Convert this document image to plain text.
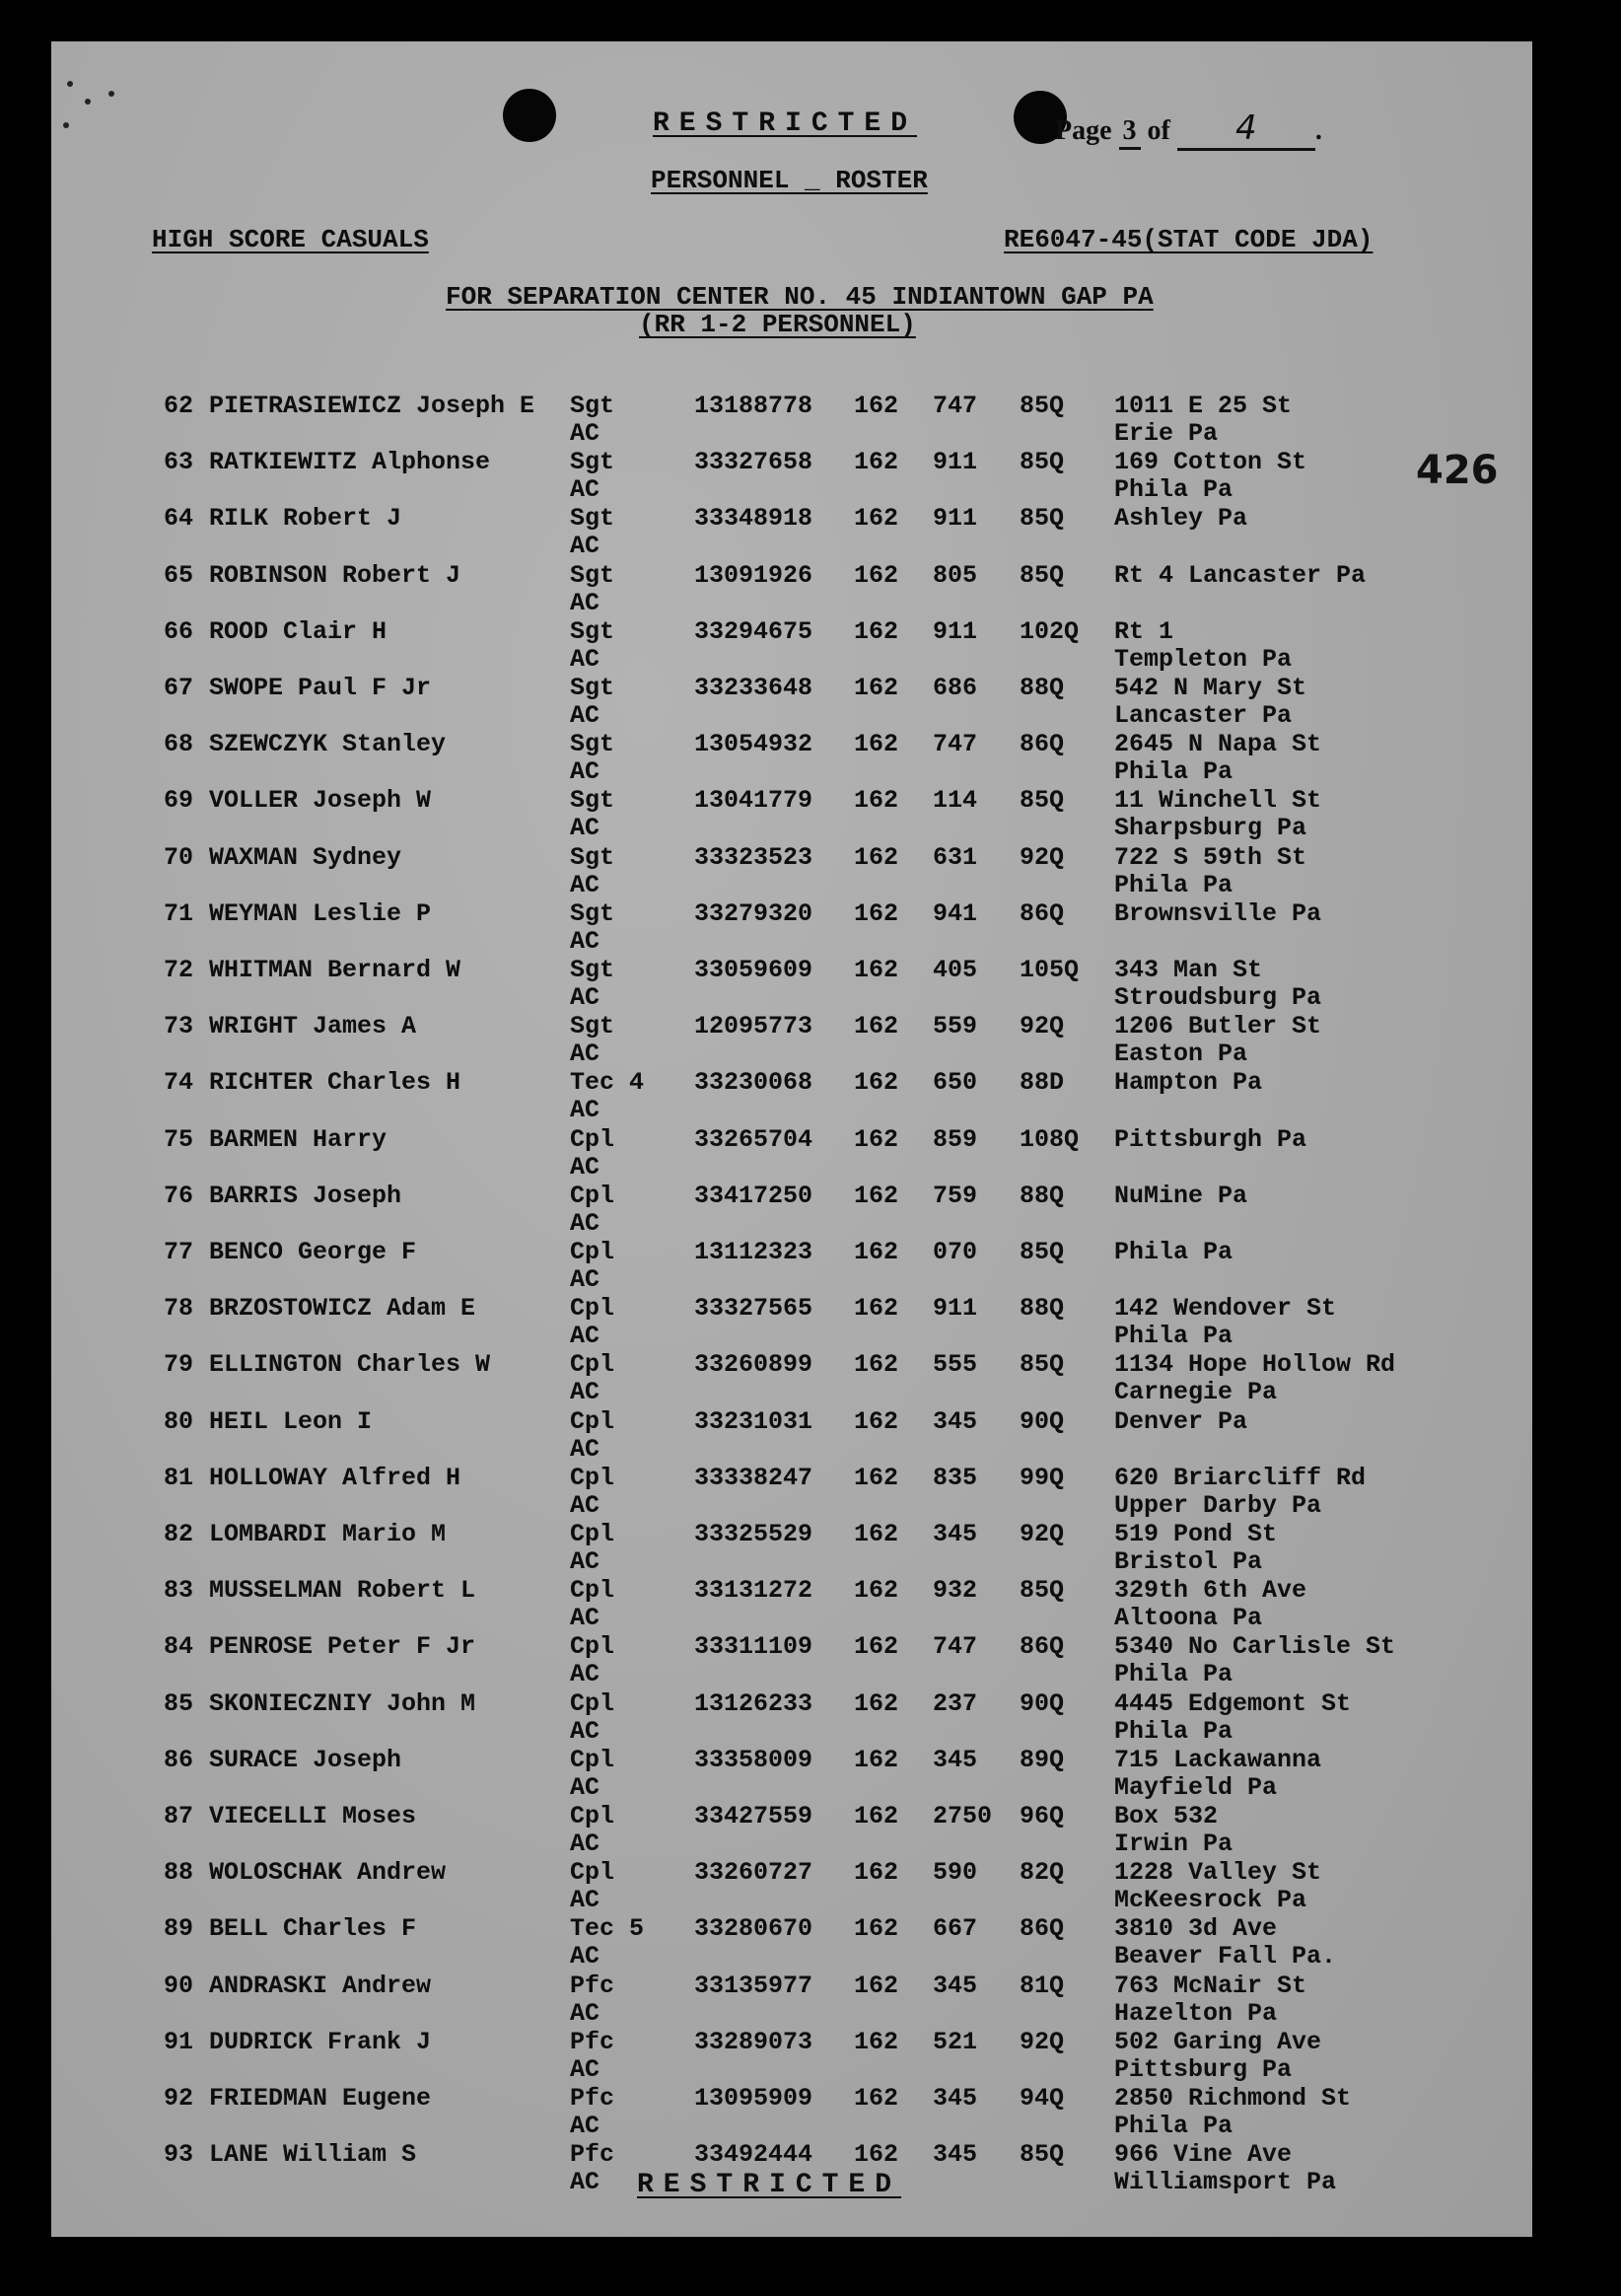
RESTRICTED	Page 3 of 4 .
PERSONNEL _ ROSTER
HIGH SCORE CASUALS	RE6047-45(STAT CODE JDA)
FOR SEPARATION CENTER NO. 45 INDIANTOWN GAP PA
(RR 1-2 PERSONNEL)
426
62 PIETRASIEWICZ Joseph E Sgt	13188778 162 747 85Q 1011 E 25 St
AC	Erie Pa
63 RATKIEWITZ Alphonse	Sgt	33327658 162 911 85Q 169 Cotton St
AC	Phila Pa
64 RILK Robert J	Sgt	33348918 162 911 85Q Ashley Pa
AC
65 ROBINSON Robert J	Sgt	13091926 162 805 85Q Rt 4 Lancaster Pa
AC
66 ROOD Clair H	Sgt	33294675 162 911 102Q Rt 1
AC	Templeton Pa
67 SWOPE Paul F Jr	Sgt	33233648 162 686 88Q 542 N Mary St
AC	Lancaster Pa
68 SZEWCZYK Stanley	Sgt	13054932 162 747 86Q 2645 N Napa St
AC	Phila Pa
69 VOLLER Joseph W	Sgt	13041779 162 114 85Q 11 Winchell St
AC	Sharpsburg Pa
70 WAXMAN Sydney	Sgt	33323523 162 631 92Q 722 S 59th St
AC	Phila Pa
71 WEYMAN Leslie P	Sgt	33279320 162 941 86Q Brownsville Pa
AC
72 WHITMAN Bernard W	Sgt	33059609 162 405 105Q 343 Man St
AC	Stroudsburg Pa
73 WRIGHT James A	Sgt	12095773 162 559 92Q 1206 Butler St
AC	Easton Pa
74 RICHTER Charles H	Tec 4 33230068 162 650 88D Hampton Pa
AC
75 BARMEN Harry	Cpl	33265704 162 859 108Q Pittsburgh Pa
AC
76 BARRIS Joseph	Cpl	33417250 162 759 88Q NuMine Pa
AC
77 BENCO George F	Cpl	13112323 162 070 85Q Phila Pa
AC
78 BRZOSTOWICZ Adam E	Cpl	33327565 162 911 88Q 142 Wendover St
AC	Phila Pa
79 ELLINGTON Charles W	Cpl	33260899 162 555 85Q 1134 Hope Hollow Rd
AC	Carnegie Pa
80 HEIL Leon I	Cpl	33231031 162 345 90Q Denver Pa
AC
81 HOLLOWAY Alfred H	Cpl	33338247 162 835 99Q 620 Briarcliff Rd
AC	Upper Darby Pa
82 LOMBARDI Mario M	Cpl	33325529 162 345 92Q 519 Pond St
AC	Bristol Pa
83 MUSSELMAN Robert L	Cpl	33131272 162 932 85Q 329th 6th Ave
AC	Altoona Pa
84 PENROSE Peter F Jr	Cpl	33311109 162 747 86Q 5340 No Carlisle St
AC	Phila Pa
85 SKONIECZNIY John M	Cpl	13126233 162 237 90Q 4445 Edgemont St
AC	Phila Pa
86 SURACE Joseph	Cpl	33358009 162 345 89Q 715 Lackawanna
AC	Mayfield Pa
87 VIECELLI Moses	Cpl	33427559 162 2750 96Q Box 532
AC	Irwin Pa
88 WOLOSCHAK Andrew	Cpl	33260727 162 590 82Q 1228 Valley St
AC	McKeesrock Pa
89 BELL Charles F	Tec 5 33280670 162 667 86Q 3810 3d Ave
AC	Beaver Fall Pa.
90 ANDRASKI Andrew	Pfc	33135977 162 345 81Q 763 McNair St
AC	Hazelton Pa
91 DUDRICK Frank J	Pfc	33289073 162 521 92Q 502 Garing Ave
AC	Pittsburg Pa
92 FRIEDMAN Eugene	Pfc	13095909 162 345 94Q 2850 Richmond St
AC	Phila Pa
93 LANE William S	Pfc	33492444 162 345 85Q 966 Vine Ave
AC	Williamsport Pa
RESTRICTED
